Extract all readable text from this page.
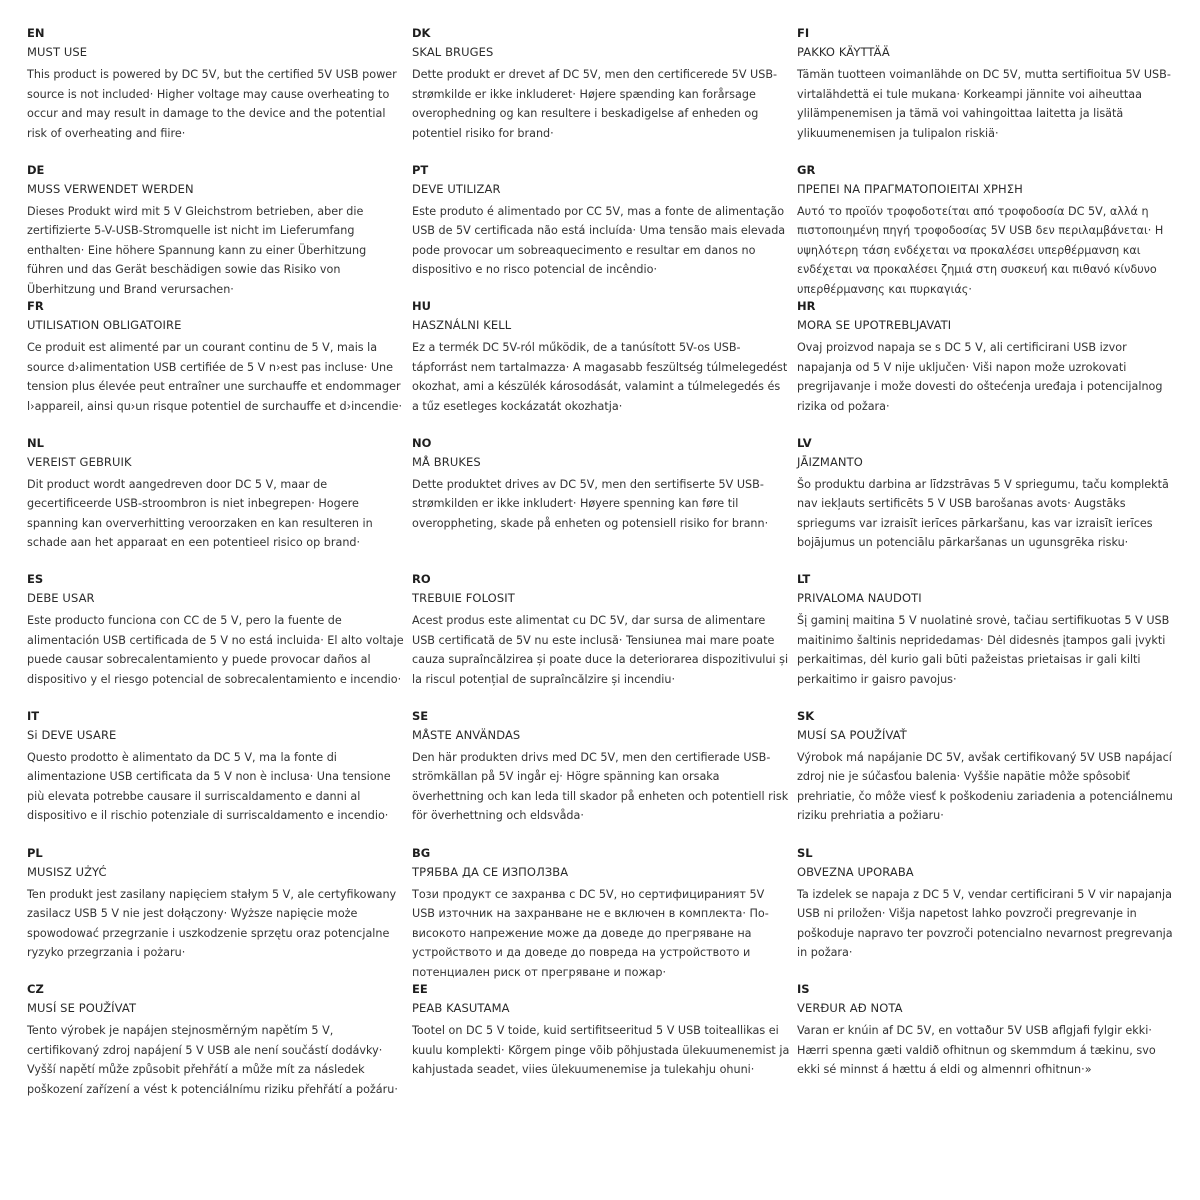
EN
MUST USE

This product is powered by DC 5V, but the certified 5V USB power source is not included· Higher voltage may cause overheating to occur and may result in damage to the device and the potential risk of overheating and fiire·

DE
MUSS VERWENDET WERDEN

Dieses Produkt wird mit 5 V Gleichstrom betrieben, aber die zertifizierte 5-V-USB-Stromquelle ist nicht im Lieferumfang enthalten· Eine höhere Spannung kann zu einer Überhitzung führen und das Gerät beschädigen sowie das Risiko von Überhitzung und Brand verursachen·

FR
UTILISATION OBLIGATOIRE

Ce produit est alimenté par un courant continu de 5 V, mais la source d›alimentation USB certifiée de 5 V n›est pas incluse· Une tension plus élevée peut entraîner une surchauffe et endommager l›appareil, ainsi qu›un risque potentiel de surchauffe et d›incendie·

NL
VEREIST GEBRUIK

Dit product wordt aangedreven door DC 5 V, maar de gecertificeerde USB-stroombron is niet inbegrepen· Hogere spanning kan oververhitting veroorzaken en kan resulteren in schade aan het apparaat en een potentieel risico op brand·

ES
DEBE USAR

Este producto funciona con CC de 5 V, pero la fuente de alimentación USB certificada de 5 V no está incluida· El alto voltaje puede causar sobrecalentamiento y puede provocar daños al dispositivo y el riesgo potencial de sobrecalentamiento e incendio·

IT
Si DEVE USARE

Questo prodotto è alimentato da DC 5 V, ma la fonte di alimentazione USB certificata da 5 V non è inclusa· Una tensione più elevata potrebbe causare il surriscaldamento e danni al dispositivo e il rischio potenziale di surriscaldamento e incendio·

PL
MUSISZ UŻYĆ

Ten produkt jest zasilany napięciem stałym 5 V, ale certyfikowany zasilacz USB 5 V nie jest dołączony· Wyższe napięcie może spowodować przegrzanie i uszkodzenie sprzętu oraz potencjalne ryzyko przegrzania i pożaru·

CZ
MUSÍ SE POUŽÍVAT

Tento výrobek je napájen stejnosměrným napětím 5 V, certifikovaný zdroj napájení 5 V USB ale není součástí dodávky· Vyšší napětí může způsobit přehřátí a může mít za následek poškození zařízení a vést k potenciálnímu riziku přehřátí a požáru·

DK
SKAL BRUGES

Dette produkt er drevet af DC 5V, men den certificerede 5V USB-strømkilde er ikke inkluderet· Højere spænding kan forårsage overophedning og kan resultere i beskadigelse af enheden og potentiel risiko for brand·

PT
DEVE UTILIZAR

Este produto é alimentado por CC 5V, mas a fonte de alimentação USB de 5V certificada não está incluída· Uma tensão mais elevada pode provocar um sobreaquecimento e resultar em danos no dispositivo e no risco potencial de incêndio·

HU
HASZNÁLNI KELL

Ez a termék DC 5V-ról működik, de a tanúsított 5V-os USB-tápforrást nem tartalmazza· A magasabb feszültség túlmelegedést okozhat, ami a készülék károsodását, valamint a túlmelegedés és a tűz esetleges kockázatát okozhatja·

NO
MÅ BRUKES

Dette produktet drives av DC 5V, men den sertifiserte 5V USB-strømkilden er ikke inkludert· Høyere spenning kan føre til overoppheting, skade på enheten og potensiell risiko for brann·

RO
TREBUIE FOLOSIT

Acest produs este alimentat cu DC 5V, dar sursa de alimentare USB certificată de 5V nu este inclusă· Tensiunea mai mare poate cauza supraîncălzirea și poate duce la deteriorarea dispozitivului și la riscul potențial de supraîncălzire și incendiu·

SE
MÅSTE ANVÄNDAS

Den här produkten drivs med DC 5V, men den certifierade USB-strömkällan på 5V ingår ej· Högre spänning kan orsaka överhettning och kan leda till skador på enheten och potentiell risk för överhettning och eldsvåda·

BG
ТРЯБВА ДА СЕ ИЗПОЛЗВА

Този продукт се захранва с DC 5V, но сертифицираният 5V USB източник на захранване не е включен в комплекта· По-високото напрежение може да доведе до прегряване на устройството и да доведе до повреда на устройството и потенциален риск от прегряване и пожар·

EE
PEAB KASUTAMA

Tootel on DC 5 V toide, kuid sertifitseeritud 5 V USB toiteallikas ei kuulu komplekti· Kõrgem pinge võib põhjustada ülekuumenemist ja kahjustada seadet, viies ülekuumenemise ja tulekahju ohuni·

FI
PAKKO KÄYTTÄÄ

Tämän tuotteen voimanlähde on DC 5V, mutta sertifioitua 5V USB-virtalähdettä ei tule mukana· Korkeampi jännite voi aiheuttaa ylilämpenemisen ja tämä voi vahingoittaa laitetta ja lisätä ylikuumenemisen ja tulipalon riskiä·

GR
ΠΡΕΠΕΙ ΝΑ ΠΡΑΓΜΑΤΟΠΟΙΕΙΤΑΙ ΧΡΗΣΗ

Αυτό το προϊόν τροφοδοτείται από τροφοδοσία DC 5V, αλλά η πιστοποιημένη πηγή τροφοδοσίας 5V USB δεν περιλαμβάνεται· Η υψηλότερη τάση ενδέχεται να προκαλέσει υπερθέρμανση και ενδέχεται να προκαλέσει ζημιά στη συσκευή και πιθανό κίνδυνο υπερθέρμανσης και πυρκαγιάς·

HR
MORA SE UPOTREBLJAVATI

Ovaj proizvod napaja se s DC 5 V, ali certificirani USB izvor napajanja od 5 V nije uključen· Viši napon može uzrokovati pregrijavanje i može dovesti do oštećenja uređaja i potencijalnog rizika od požara·

LV
JĀIZMANTO

Šo produktu darbina ar līdzstrāvas 5 V spriegumu, taču komplektā nav iekļauts sertificēts 5 V USB barošanas avots· Augstāks spriegums var izraisīt ierīces pārkaršanu, kas var izraisīt ierīces bojājumus un potenciālu pārkaršanas un ugunsgrēka risku·

LT
PRIVALOMA NAUDOTI

Šį gaminį maitina 5 V nuolatinė srovė, tačiau sertifikuotas 5 V USB maitinimo šaltinis nepridedamas· Dėl didesnės įtampos gali įvykti perkaitimas, dėl kurio gali būti pažeistas prietaisas ir gali kilti perkaitimo ir gaisro pavojus·

SK
MUSÍ SA POUŽÍVAŤ

Výrobok má napájanie DC 5V, avšak certifikovaný 5V USB napájací zdroj nie je súčasťou balenia· Vyššie napätie môže spôsobiť prehriatie, čo môže viesť k poškodeniu zariadenia a potenciálnemu riziku prehriatia a požiaru·

SL
OBVEZNA UPORABA

Ta izdelek se napaja z DC 5 V, vendar certificirani 5 V vir napajanja USB ni priložen· Višja napetost lahko povzroči pregrevanje in poškoduje napravo ter povzroči potencialno nevarnost pregrevanja in požara·

IS
VERÐUR AÐ NOTA

Varan er knúin af DC 5V, en vottaður 5V USB aflgjafi fylgir ekki· Hærri spenna gæti valdið ofhitnun og skemmdum á tækinu, svo ekki sé minnst á hættu á eldi og almennri ofhitnun·»
